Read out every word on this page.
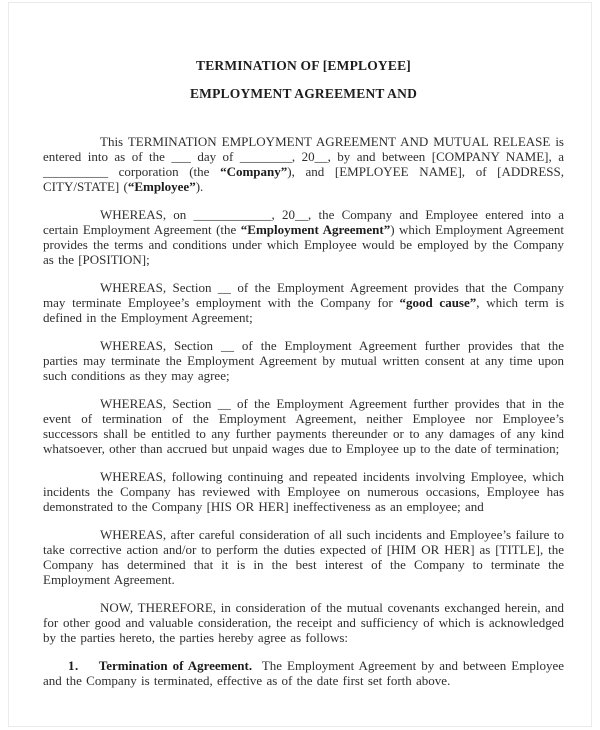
TERMINATION OF [EMPLOYEE]
EMPLOYMENT AGREEMENT AND

This TERMINATION EMPLOYMENT AGREEMENT AND MUTUAL RELEASE is entered into as of the ___ day of ________, 20__, by and between [COMPANY NAME], a __________ corporation (the “Company”), and [EMPLOYEE NAME], of [ADDRESS, CITY/STATE] (“Employee”).

WHEREAS, on ____________, 20__, the Company and Employee entered into a certain Employment Agreement (the “Employment Agreement”) which Employment Agreement provides the terms and conditions under which Employee would be employed by the Company as the [POSITION];

WHEREAS, Section __ of the Employment Agreement provides that the Company may terminate Employee’s employment with the Company for “good cause”, which term is defined in the Employment Agreement;

WHEREAS, Section __ of the Employment Agreement further provides that the parties may terminate the Employment Agreement by mutual written consent at any time upon such conditions as they may agree;

WHEREAS, Section __ of the Employment Agreement further provides that in the event of termination of the Employment Agreement, neither Employee nor Employee’s successors shall be entitled to any further payments thereunder or to any damages of any kind whatsoever, other than accrued but unpaid wages due to Employee up to the date of termination;

WHEREAS, following continuing and repeated incidents involving Employee, which incidents the Company has reviewed with Employee on numerous occasions, Employee has demonstrated to the Company [HIS OR HER] ineffectiveness as an employee; and

WHEREAS, after careful consideration of all such incidents and Employee’s failure to take corrective action and/or to perform the duties expected of [HIM OR HER] as [TITLE], the Company has determined that it is in the best interest of the Company to terminate the Employment Agreement.

NOW, THEREFORE, in consideration of the mutual covenants exchanged herein, and for other good and valuable consideration, the receipt and sufficiency of which is acknowledged by the parties hereto, the parties hereby agree as follows:

1. Termination of Agreement.  The Employment Agreement by and between Employee and the Company is terminated, effective as of the date first set forth above.
